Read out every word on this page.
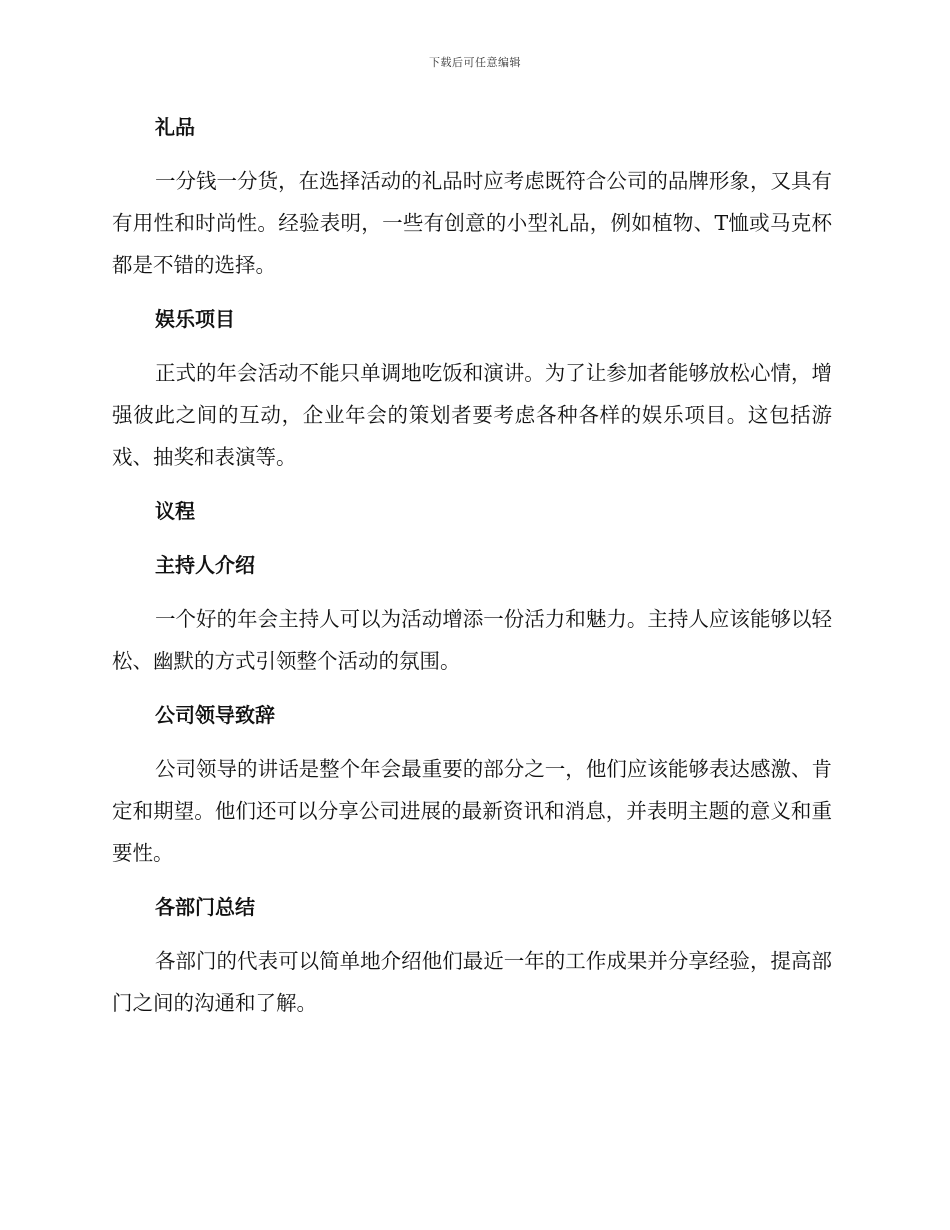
下载后可任意编辑
礼品

一分钱一分货，在选择活动的礼品时应考虑既符合公司的品牌形象，又具有有用性和时尚性。经验表明，一些有创意的小型礼品，例如植物、T恤或马克杯都是不错的选择。

娱乐项目

正式的年会活动不能只单调地吃饭和演讲。为了让参加者能够放松心情，增强彼此之间的互动，企业年会的策划者要考虑各种各样的娱乐项目。这包括游戏、抽奖和表演等。

议程
主持人介绍

一个好的年会主持人可以为活动增添一份活力和魅力。主持人应该能够以轻松、幽默的方式引领整个活动的氛围。

公司领导致辞

公司领导的讲话是整个年会最重要的部分之一，他们应该能够表达感激、肯定和期望。他们还可以分享公司进展的最新资讯和消息，并表明主题的意义和重要性。

各部门总结

各部门的代表可以简单地介绍他们最近一年的工作成果并分享经验，提高部门之间的沟通和了解。
